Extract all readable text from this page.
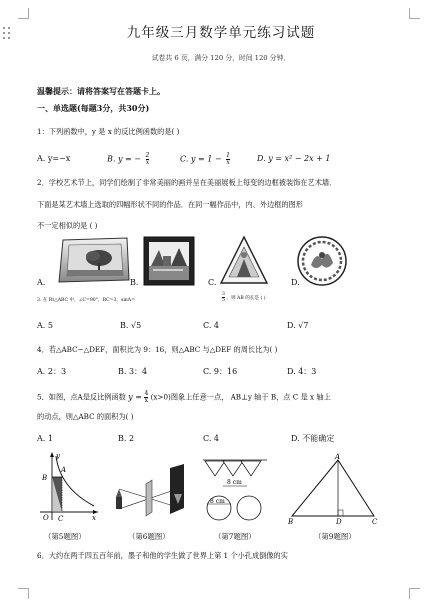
九年级三月数学单元练习试题
试卷共 6 页，满分 120 分，时间 120 分钟．
温馨提示：请将答案写在答题卡上。
一、单选题(每题3分，共30分)
1：下列函数中，y 是 x 的反比例函数的是( )
A. y=−x	B. y = − $\frac{2}{x}$	C. $y = 1 - \frac{1}{x}$	D. y = x² − 2x + 1
2．学校艺术节上，同学们绘制了非常美丽的画并呈在美丽展板上每变的边框被装饰在艺术墙．
下面是某艺术墙上选取的四幅形状不同的作品．在同一幅作品中，内、外边框的图形
不一定相似的是 ( )
A.	B.	C.	D.
3. 在 Rt△ABC 中，∠C=90°，BC=3，sinA=	$\frac{3}{5}$ ，则 AB 的长是 ( )
A. 5	B. √5	C. 4	D. √7
4．若△ABC∽△DEF，面积比为 9：16，则△ABC 与△DEF 的周长比为( )
A. 2：3	B. 3：4	C. 9：16	D. 4：3
5．如图，点A是反比例函数 $y = \frac{4}{x} (x>0)$图象上任意一点， AB⊥y 轴于 B，点 C 是 x 轴上
的动点，则△ABC 的面积为( )
A. 1	B. 2	C. 4	D. 不能确定
A
B
O C	x
y
8 cm
8 cm
A
B	D	C
（第5题图）	（第6题图）	（第7题图）	（第9题图）
6．大约在两千四五百年前，墨子和他的学生做了世界上第 1 个小孔成倒像的实
